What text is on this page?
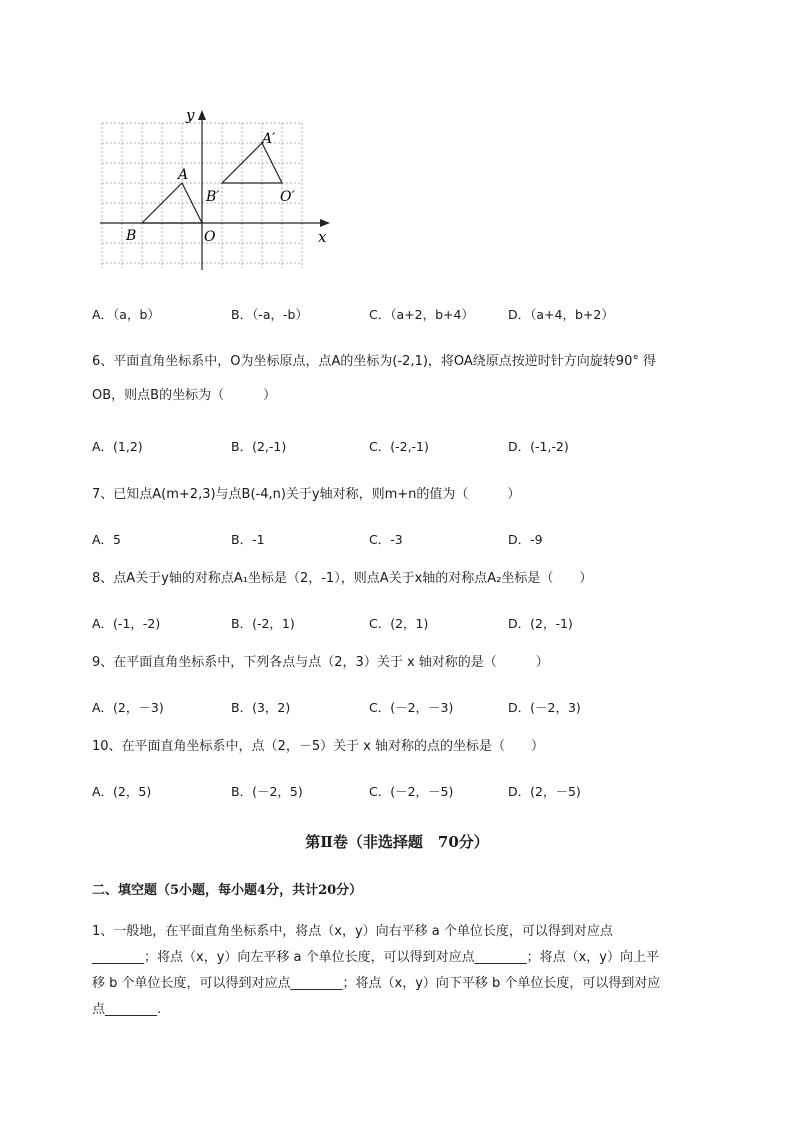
y
x
A
A′
B
B′
O
O′
A．（a，b）	B．（-a，-b）	C．（a+2，b+4）	D．（a+4，b+2）
6、平面直角坐标系中，O为坐标原点，点A的坐标为(-2,1)，将OA绕原点按逆时针方向旋转90° 得
OB，则点B的坐标为（　　　）
A．(1,2)	B．(2,-1)	C．(-2,-1)	D．(-1,-2)
7、已知点A(m+2,3)与点B(-4,n)关于y轴对称，则m+n的值为（　　　）
A．5	B．-1	C．-3	D．-9
8、点A关于y轴的对称点A₁坐标是（2，-1），则点A关于x轴的对称点A₂坐标是（　　）
A．(-1，-2)	B．(-2，1)	C．(2，1)	D．(2，-1)
9、在平面直角坐标系中，下列各点与点（2，3）关于 x 轴对称的是（　　　）
A．(2，－3)	B．(3，2)	C．(－2，－3)	D．(－2，3)
10、在平面直角坐标系中，点（2，－5）关于 x 轴对称的点的坐标是（　　）
A．(2，5)	B．(－2，5)	C．(－2，－5)	D．(2，－5)
第Ⅱ卷（非选择题　70分）
二、填空题（5小题，每小题4分，共计20分）
1、一般地，在平面直角坐标系中，将点（x，y）向右平移 a 个单位长度，可以得到对应点
________；将点（x，y）向左平移 a 个单位长度，可以得到对应点________；将点（x，y）向上平
移 b 个单位长度，可以得到对应点________；将点（x，y）向下平移 b 个单位长度，可以得到对应
点________.
